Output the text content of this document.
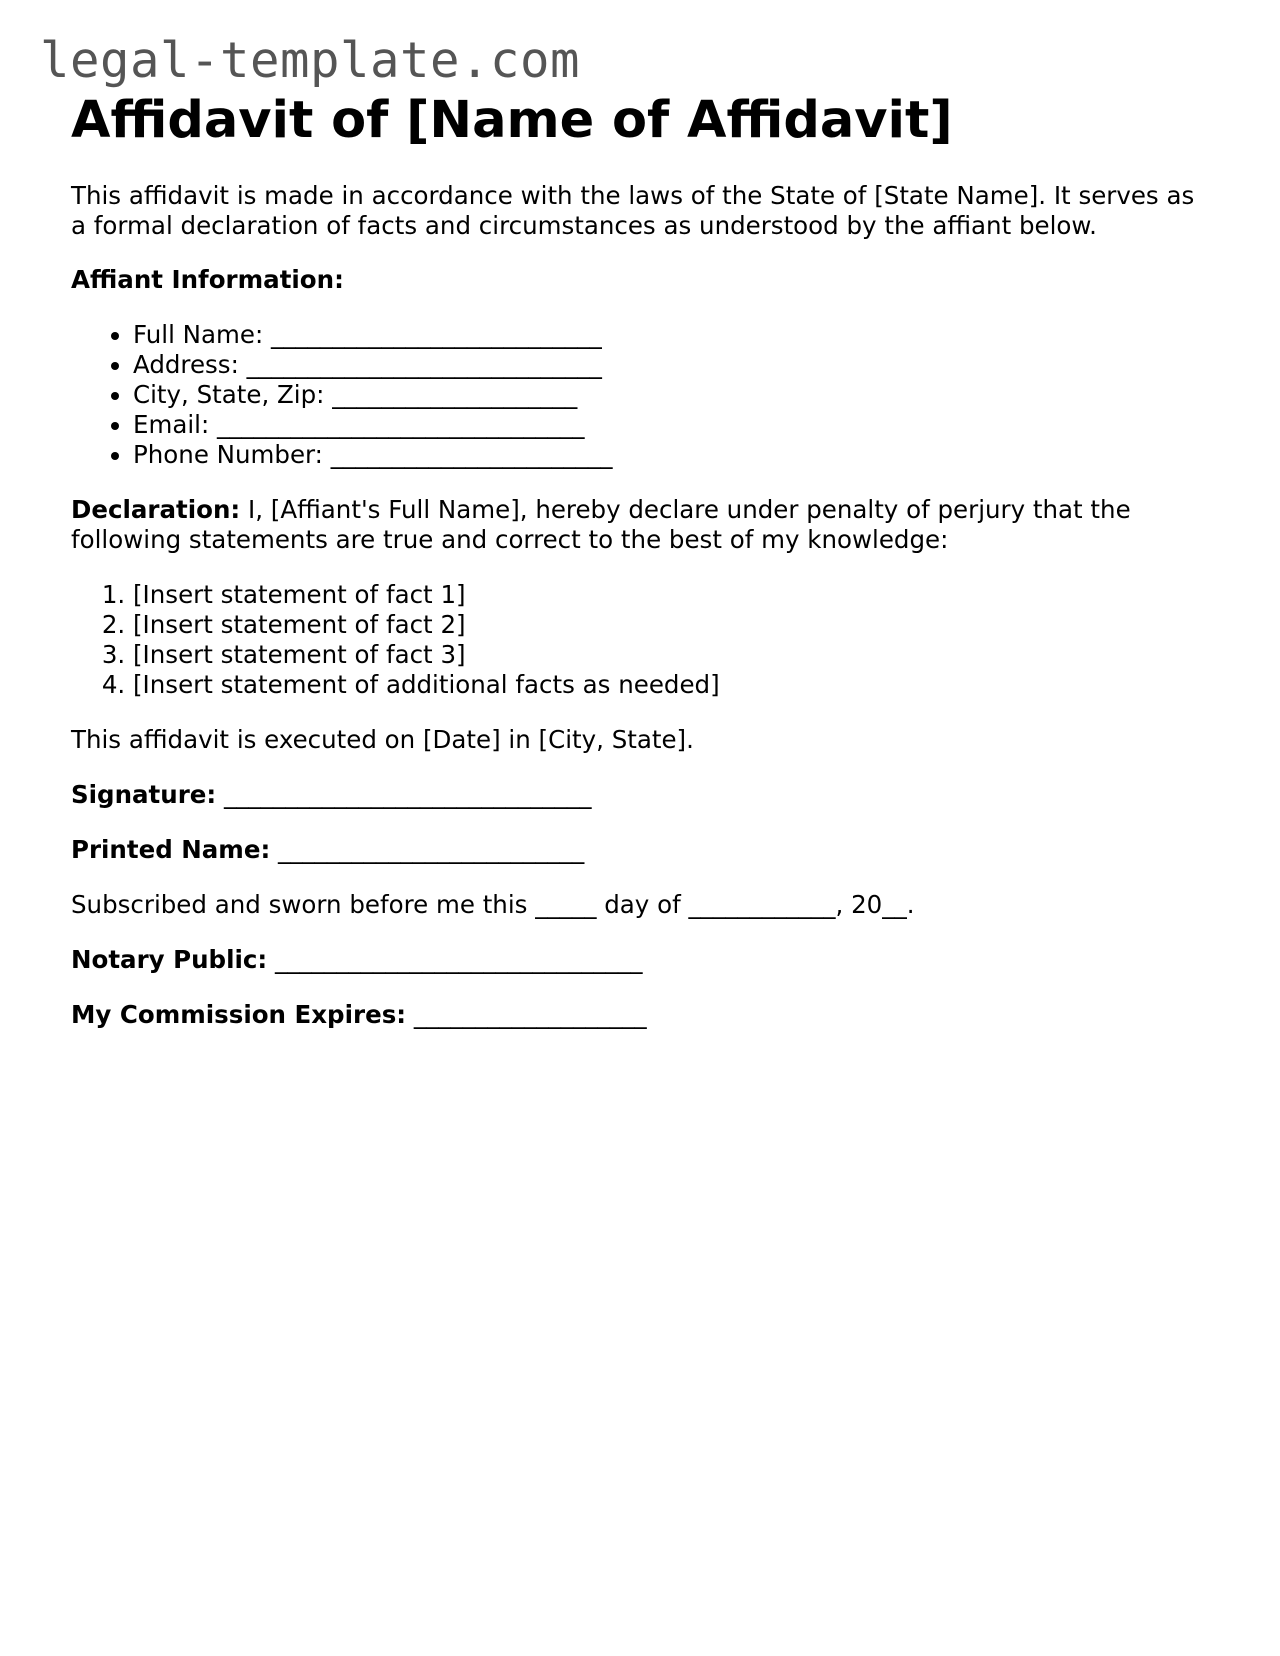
legal-template.com
Affidavit of [Name of Affidavit]

This affidavit is made in accordance with the laws of the State of [State Name]. It serves as a formal declaration of facts and circumstances as understood by the affiant below.

Affiant Information:

• Full Name: ___________________________
• Address: _____________________________
• City, State, Zip: ____________________
• Email: ______________________________
• Phone Number: _______________________

Declaration: I, [Affiant's Full Name], hereby declare under penalty of perjury that the following statements are true and correct to the best of my knowledge:

1. [Insert statement of fact 1]
2. [Insert statement of fact 2]
3. [Insert statement of fact 3]
4. [Insert statement of additional facts as needed]

This affidavit is executed on [Date] in [City, State].

Signature: ______________________________

Printed Name: _________________________

Subscribed and sworn before me this _____ day of ____________, 20__.

Notary Public: ______________________________

My Commission Expires: ___________________
